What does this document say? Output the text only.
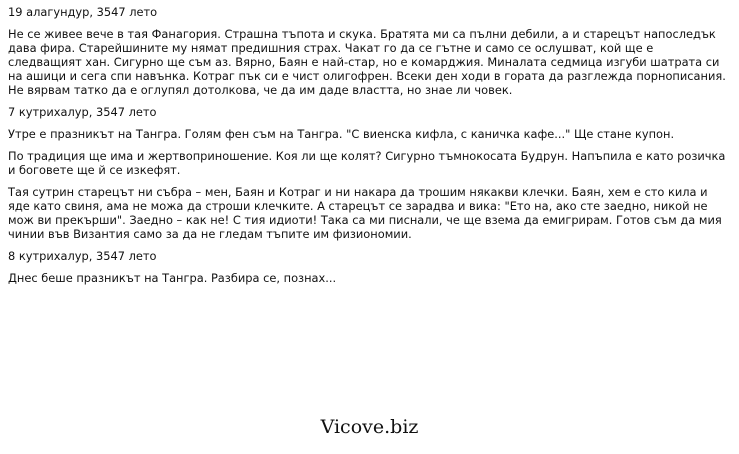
19 алагундур, 3547 лето

Не се живее вече в тая Фанагория. Страшна тъпота и скука. Братята ми са пълни дебили, а и старецът напоследък дава фира. Старейшините му нямат предишния страх. Чакат го да се гътне и само се ослушват, кой ще е следващият хан. Сигурно ще съм аз. Вярно, Баян е най-стар, но е комарджия. Миналата седмица изгуби шатрата си на ашици и сега спи навънка. Котраг пък си е чист олигофрен. Всеки ден ходи в гората да разглежда порнописания. Не вярвам татко да е оглупял дотолкова, че да им даде властта, но знае ли човек.

7 кутрихалур, 3547 лето

Утре е празникът на Тангра. Голям фен съм на Тангра. "С виенска кифла, с каничка кафе..." Ще стане купон.

По традиция ще има и жертвоприношение. Коя ли ще колят? Сигурно тъмнокосата Будрун. Напъпила е като розичка и боговете ще й се изкефят.

Тая сутрин старецът ни събра – мен, Баян и Котраг и ни накара да трошим някакви клечки. Баян, хем е сто кила и яде като свиня, ама не можа да строши клечките. А старецът се зарадва и вика: "Ето на, ако сте заедно, никой не мож ви прекърши". Заедно – как не! С тия идиоти! Така са ми писнали, че ще взема да емигрирам. Готов съм да мия чинии във Византия само за да не гледам тъпите им физиономии.

8 кутрихалур, 3547 лето

Днес беше празникът на Тангра. Разбира се, познах...

Vicove.biz
